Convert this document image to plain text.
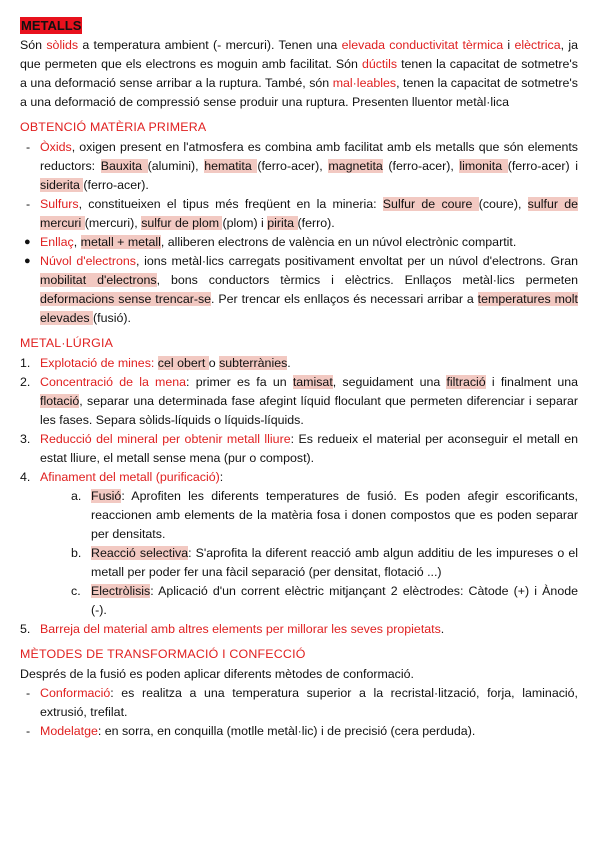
METALLS

Són sòlids a temperatura ambient (- mercuri). Tenen una elevada conductivitat tèrmica i elèctrica, ja que permeten que els electrons es moguin amb facilitat. Són dúctils tenen la capacitat de sotmetre's a una deformació sense arribar a la ruptura. També, són mal·leables, tenen la capacitat de sotmetre's a una deformació de compressió sense produir una ruptura. Presenten lluentor metàl·lica

OBTENCIÓ MATÈRIA PRIMERA
- Òxids, oxigen present en l'atmosfera es combina amb facilitat amb els metalls que són elements reductors: Bauxita (alumini), hematita (ferro-acer), magnetita (ferro-acer), limonita (ferro-acer) i siderita (ferro-acer).
- Sulfurs, constitueixen el tipus més freqüent en la mineria: Sulfur de coure (coure), sulfur de mercuri (mercuri), sulfur de plom (plom) i pirita (ferro).
● Enllaç, metall + metall, alliberen electrons de valència en un núvol electrònic compartit.
● Núvol d'electrons, ions metàl·lics carregats positivament envoltat per un núvol d'electrons. Gran mobilitat d'electrons, bons conductors tèrmics i elèctrics. Enllaços metàl·lics permeten deformacions sense trencar-se. Per trencar els enllaços és necessari arribar a temperatures molt elevades (fusió).
METAL·LÚRGIA
1. Explotació de mines: cel obert o subterrànies.
2. Concentració de la mena: primer es fa un tamisat, seguidament una filtració i finalment una flotació, separar una determinada fase afegint líquid floculant que permeten diferenciar i separar les fases. Separa sòlids-líquids o líquids-líquids.
3. Reducció del mineral per obtenir metall lliure: Es redueix el material per aconseguir el metall en estat lliure, el metall sense mena (pur o compost).
4. Afinament del metall (purificació):
a. Fusió: Aprofiten les diferents temperatures de fusió. Es poden afegir escorificants, reaccionen amb elements de la matèria fosa i donen compostos que es poden separar per densitats.
b. Reacció selectiva: S'aprofita la diferent reacció amb algun additiu de les impureses o el metall per poder fer una fàcil separació (per densitat, flotació ...)
c. Electròlisis: Aplicació d'un corrent elèctric mitjançant 2 elèctrodes: Càtode (+) i Ànode (-).
5. Barreja del material amb altres elements per millorar les seves propietats.
MÈTODES DE TRANSFORMACIÓ I CONFECCIÓ

Després de la fusió es poden aplicar diferents mètodes de conformació.

- Conformació: es realitza a una temperatura superior a la recristal·lització, forja, laminació, extrusió, trefilat.
- Modelatge: en sorra, en conquilla (motlle metàl·lic) i de precisió (cera perduda).
